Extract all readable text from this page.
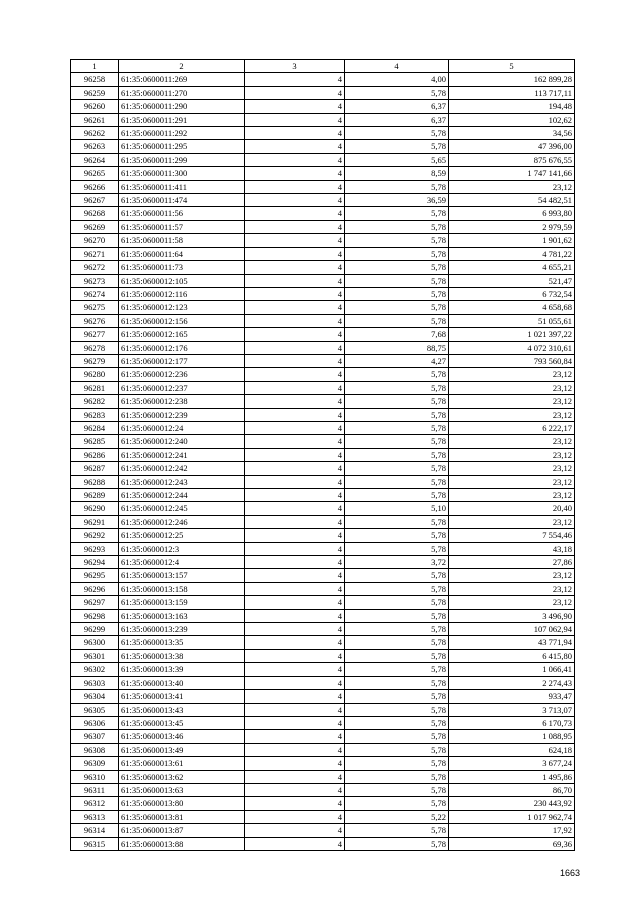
1	2	3	4	5
96258	61:35:0600011:269	4	4,00	162 899,28
96259	61:35:0600011:270	4	5,78	113 717,11
96260	61:35:0600011:290	4	6,37	194,48
96261	61:35:0600011:291	4	6,37	102,62
96262	61:35:0600011:292	4	5,78	34,56
96263	61:35:0600011:295	4	5,78	47 396,00
96264	61:35:0600011:299	4	5,65	875 676,55
96265	61:35:0600011:300	4	8,59	1 747 141,66
96266	61:35:0600011:411	4	5,78	23,12
96267	61:35:0600011:474	4	36,59	54 482,51
96268	61:35:0600011:56	4	5,78	6 993,80
96269	61:35:0600011:57	4	5,78	2 979,59
96270	61:35:0600011:58	4	5,78	1 901,62
96271	61:35:0600011:64	4	5,78	4 781,22
96272	61:35:0600011:73	4	5,78	4 655,21
96273	61:35:0600012:105	4	5,78	521,47
96274	61:35:0600012:116	4	5,78	6 732,54
96275	61:35:0600012:123	4	5,78	4 658,68
96276	61:35:0600012:156	4	5,78	51 055,61
96277	61:35:0600012:165	4	7,68	1 021 397,22
96278	61:35:0600012:176	4	88,75	4 072 310,61
96279	61:35:0600012:177	4	4,27	793 560,84
96280	61:35:0600012:236	4	5,78	23,12
96281	61:35:0600012:237	4	5,78	23,12
96282	61:35:0600012:238	4	5,78	23,12
96283	61:35:0600012:239	4	5,78	23,12
96284	61:35:0600012:24	4	5,78	6 222,17
96285	61:35:0600012:240	4	5,78	23,12
96286	61:35:0600012:241	4	5,78	23,12
96287	61:35:0600012:242	4	5,78	23,12
96288	61:35:0600012:243	4	5,78	23,12
96289	61:35:0600012:244	4	5,78	23,12
96290	61:35:0600012:245	4	5,10	20,40
96291	61:35:0600012:246	4	5,78	23,12
96292	61:35:0600012:25	4	5,78	7 554,46
96293	61:35:0600012:3	4	5,78	43,18
96294	61:35:0600012:4	4	3,72	27,86
96295	61:35:0600013:157	4	5,78	23,12
96296	61:35:0600013:158	4	5,78	23,12
96297	61:35:0600013:159	4	5,78	23,12
96298	61:35:0600013:163	4	5,78	3 496,90
96299	61:35:0600013:239	4	5,78	107 062,94
96300	61:35:0600013:35	4	5,78	43 771,94
96301	61:35:0600013:38	4	5,78	6 415,80
96302	61:35:0600013:39	4	5,78	1 066,41
96303	61:35:0600013:40	4	5,78	2 274,43
96304	61:35:0600013:41	4	5,78	933,47
96305	61:35:0600013:43	4	5,78	3 713,07
96306	61:35:0600013:45	4	5,78	6 170,73
96307	61:35:0600013:46	4	5,78	1 088,95
96308	61:35:0600013:49	4	5,78	624,18
96309	61:35:0600013:61	4	5,78	3 677,24
96310	61:35:0600013:62	4	5,78	1 495,86
96311	61:35:0600013:63	4	5,78	86,70
96312	61:35:0600013:80	4	5,78	230 443,92
96313	61:35:0600013:81	4	5,22	1 017 962,74
96314	61:35:0600013:87	4	5,78	17,92
96315	61:35:0600013:88	4	5,78	69,36
1663
